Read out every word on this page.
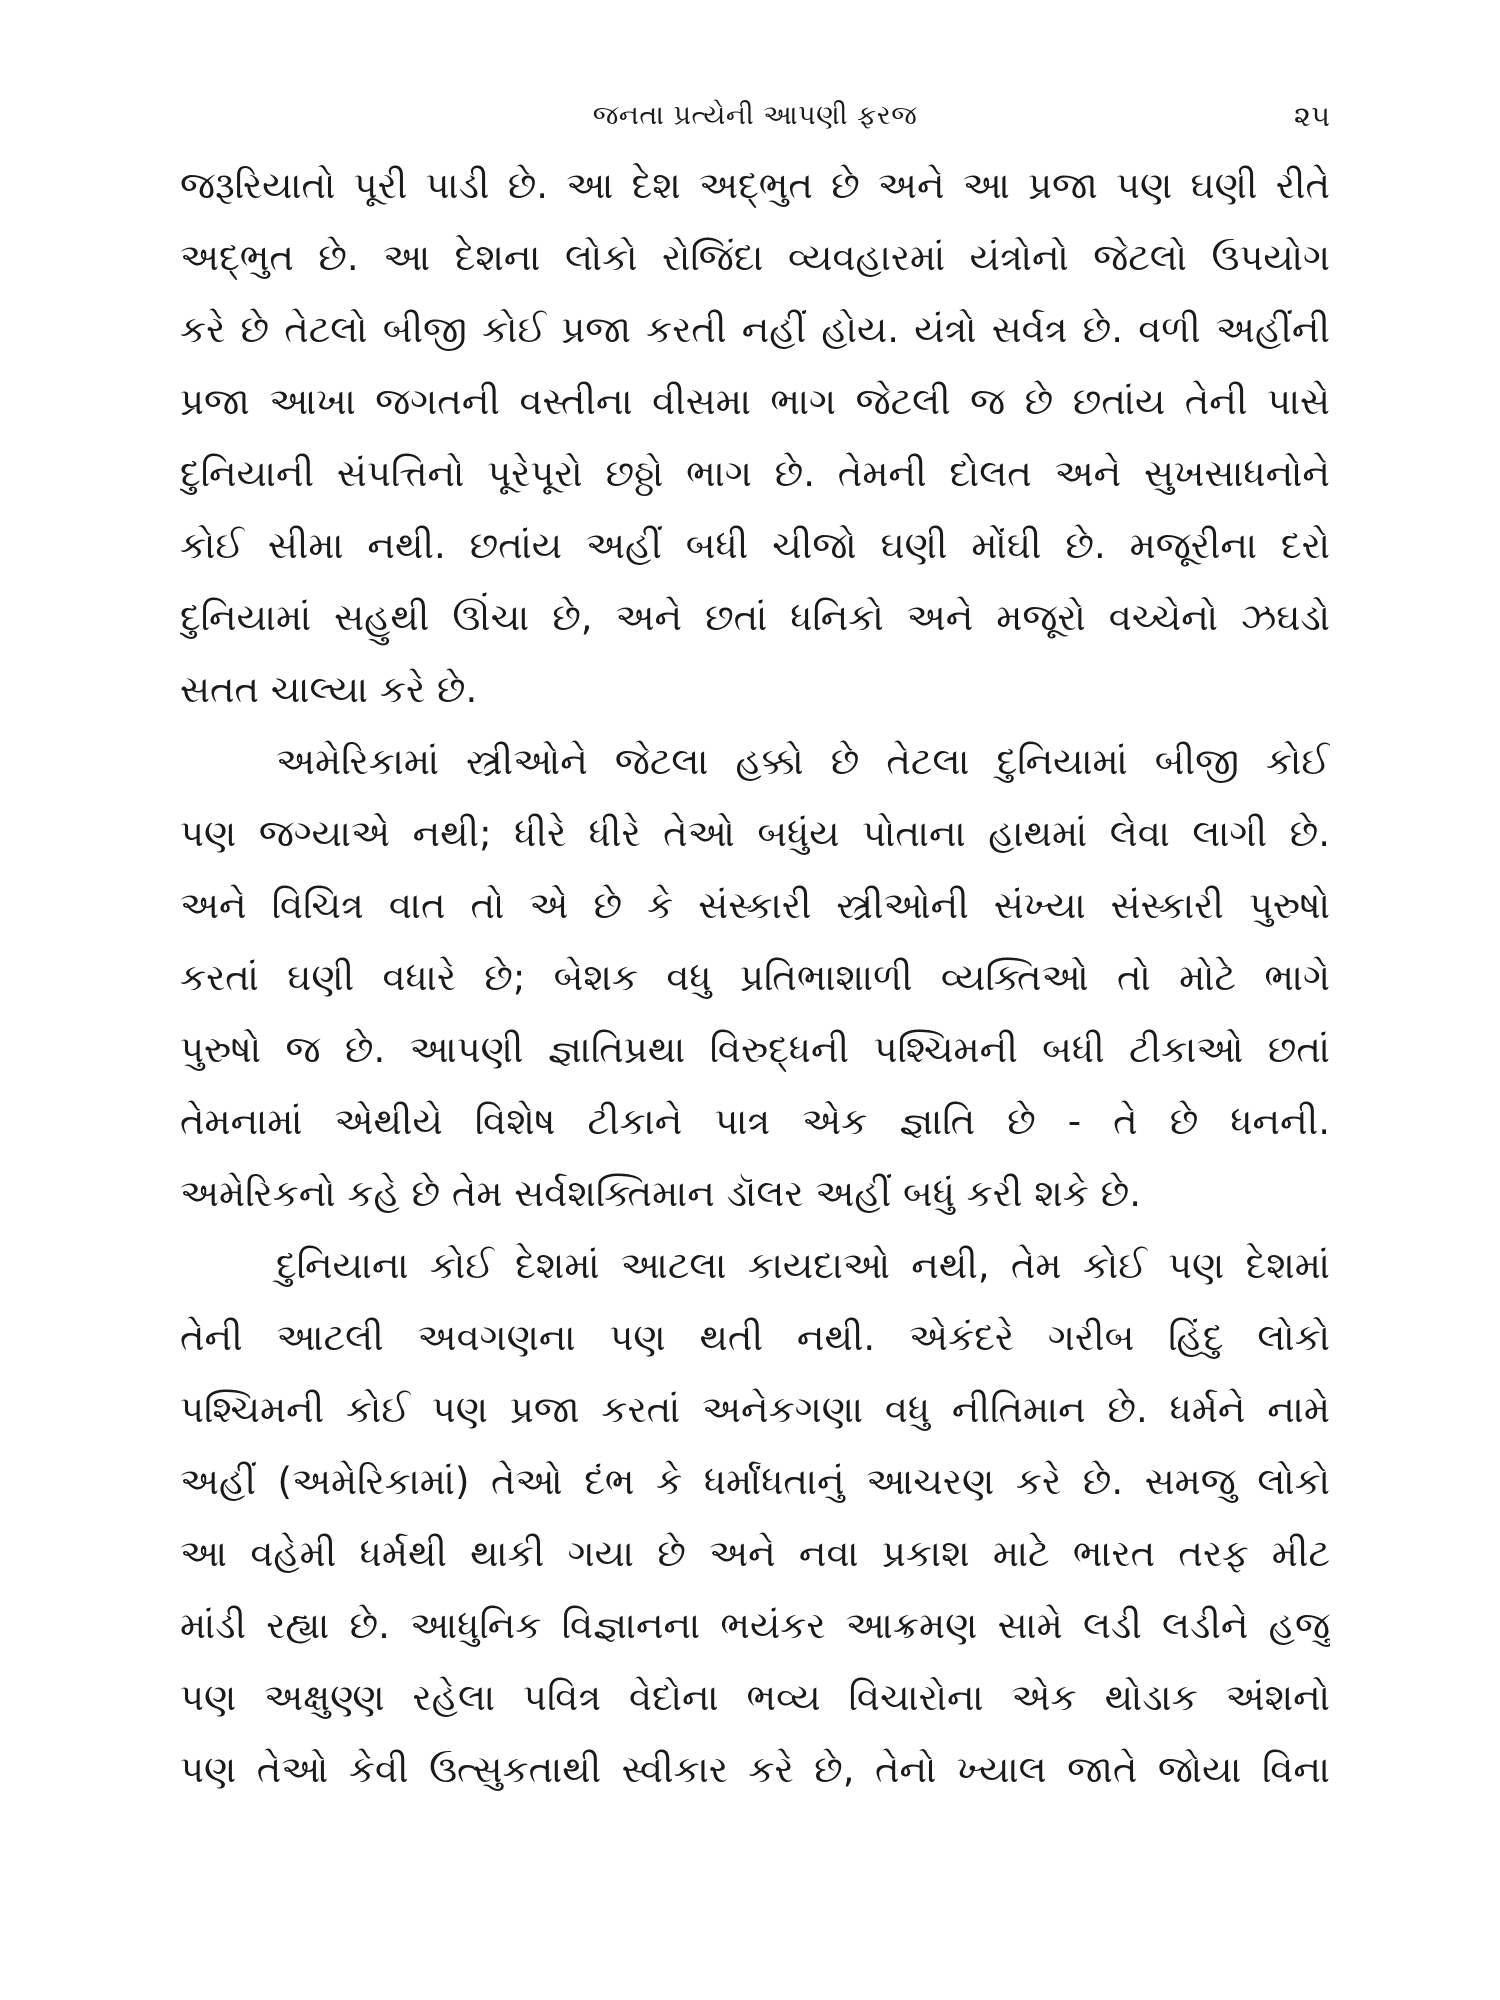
જનતા પ્રત્યેની આપણી ફરજ	૨૫
જરૂરિયાતો પૂરી પાડી છે. આ દેશ અદ્ભુત છે અને આ પ્રજા પણ ઘણી રીતે
અદ્ભુત છે. આ દેશના લોકો રોજિંદા વ્યવહારમાં યંત્રોનો જેટલો ઉપયોગ
કરે છે તેટલો બીજી કોઈ પ્રજા કરતી નહીં હોય. યંત્રો સર્વત્ર છે. વળી અહીંની
પ્રજા આખા જગતની વસ્તીના વીસમા ભાગ જેટલી જ છે છતાંય તેની પાસે
દુનિયાની સંપત્તિનો પૂરેપૂરો છઠ્ઠો ભાગ છે. તેમની દોલત અને સુખસાધનોને
કોઈ સીમા નથી. છતાંય અહીં બધી ચીજો ઘણી મોંઘી છે. મજૂરીના દરો
દુનિયામાં સહુથી ઊંચા છે, અને છતાં ધનિકો અને મજૂરો વચ્ચેનો ઝઘડો
સતત ચાલ્યા કરે છે.
અમેરિકામાં સ્ત્રીઓને જેટલા હક્કો છે તેટલા દુનિયામાં બીજી કોઈ
પણ જગ્યાએ નથી; ધીરે ધીરે તેઓ બધુંય પોતાના હાથમાં લેવા લાગી છે.
અને વિચિત્ર વાત તો એ છે કે સંસ્કારી સ્ત્રીઓની સંખ્યા સંસ્કારી પુરુષો
કરતાં ઘણી વધારે છે; બેશક વધુ પ્રતિભાશાળી વ્યક્તિઓ તો મોટે ભાગે
પુરુષો જ છે. આપણી જ્ઞાતિપ્રથા વિરુદ્ધની પશ્ચિમની બધી ટીકાઓ છતાં
તેમનામાં એથીયે વિશેષ ટીકાને પાત્ર એક જ્ઞાતિ છે - તે છે ધનની.
અમેરિકનો કહે છે તેમ સર્વશક્તિમાન ડૉલર અહીં બધું કરી શકે છે.
દુનિયાના કોઈ દેશમાં આટલા કાયદાઓ નથી, તેમ કોઈ પણ દેશમાં
તેની આટલી અવગણના પણ થતી નથી. એકંદરે ગરીબ હિંદુ લોકો
પશ્ચિમની કોઈ પણ પ્રજા કરતાં અનેકગણા વધુ નીતિમાન છે. ધર્મને નામે
અહીં (અમેરિકામાં) તેઓ દંભ કે ધર્માંધતાનું આચરણ કરે છે. સમજુ લોકો
આ વહેમી ધર્મથી થાકી ગયા છે અને નવા પ્રકાશ માટે ભારત તરફ મીટ
માંડી રહ્યા છે. આધુનિક વિજ્ઞાનના ભયંકર આક્રમણ સામે લડી લડીને હજુ
પણ અક્ષુણ્ણ રહેલા પવિત્ર વેદોના ભવ્ય વિચારોના એક થોડાક અંશનો
પણ તેઓ કેવી ઉત્સુકતાથી સ્વીકાર કરે છે, તેનો ખ્યાલ જાતે જોયા વિના
